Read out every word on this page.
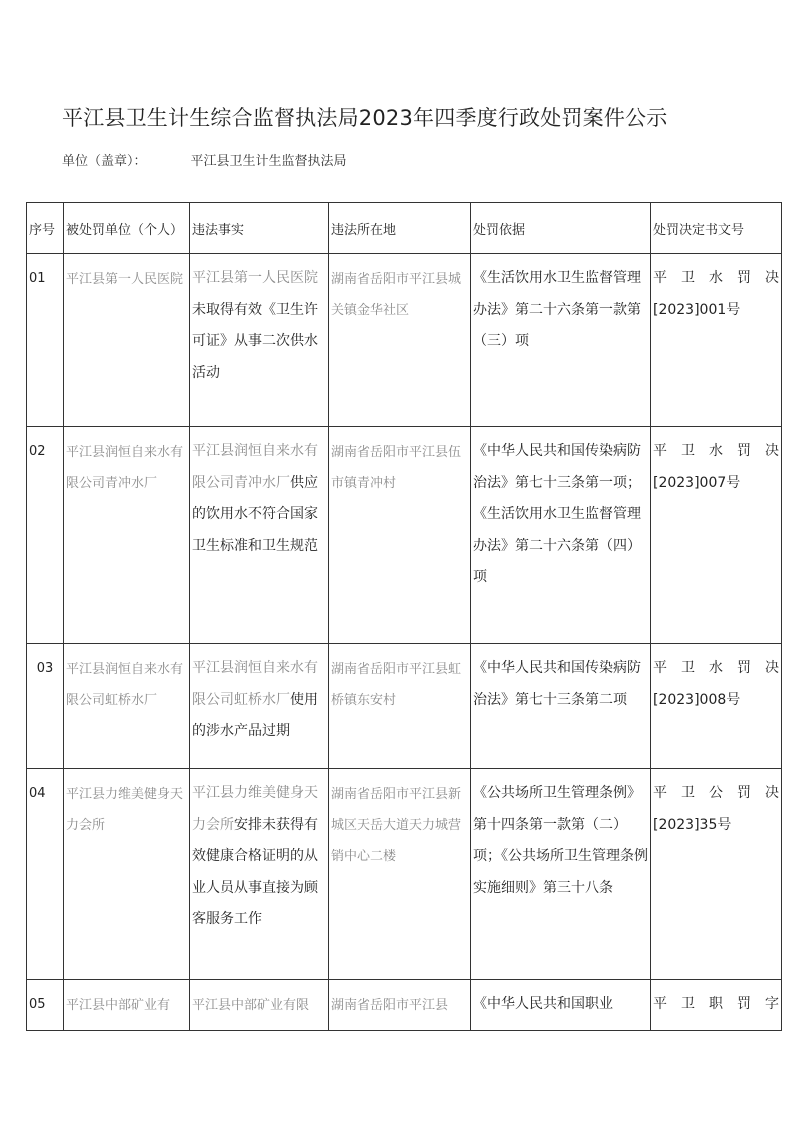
平江县卫生计生综合监督执法局2023年四季度行政处罚案件公示
单位（盖章）：	平江县卫生计生监督执法局
序号	被处罚单位（个人）	违法事实	违法所在地	处罚依据	处罚决定书文号
01	平江县第一人民医院	平江县第一人民医院未取得有效《卫生许可证》从事二次供水活动	湖南省岳阳市平江县城关镇金华社区	《生活饮用水卫生监督管理办法》第二十六条第一款第（三）项	平卫水罚决
[2023]001号

02	平江县润恒自来水有限公司青冲水厂	平江县润恒自来水有限公司青冲水厂供应的饮用水不符合国家卫生标准和卫生规范	湖南省岳阳市平江县伍市镇青冲村	《中华人民共和国传染病防治法》第七十三条第一项；《生活饮用水卫生监督管理办法》第二十六条第（四）项	平卫水罚决
[2023]007号

03	平江县润恒自来水有限公司虹桥水厂	平江县润恒自来水有限公司虹桥水厂使用的涉水产品过期	湖南省岳阳市平江县虹桥镇东安村	《中华人民共和国传染病防治法》第七十三条第二项	平卫水罚决
[2023]008号

04	平江县力维美健身天力会所	平江县力维美健身天力会所安排未获得有效健康合格证明的从业人员从事直接为顾客服务工作	湖南省岳阳市平江县新城区天岳大道天力城营销中心二楼	《公共场所卫生管理条例》第十四条第一款第（二）项；《公共场所卫生管理条例实施细则》第三十八条	平卫公罚决
[2023]35号

05	平江县中部矿业有	平江县中部矿业有限	湖南省岳阳市平江县	《中华人民共和国职业	平卫职罚字
